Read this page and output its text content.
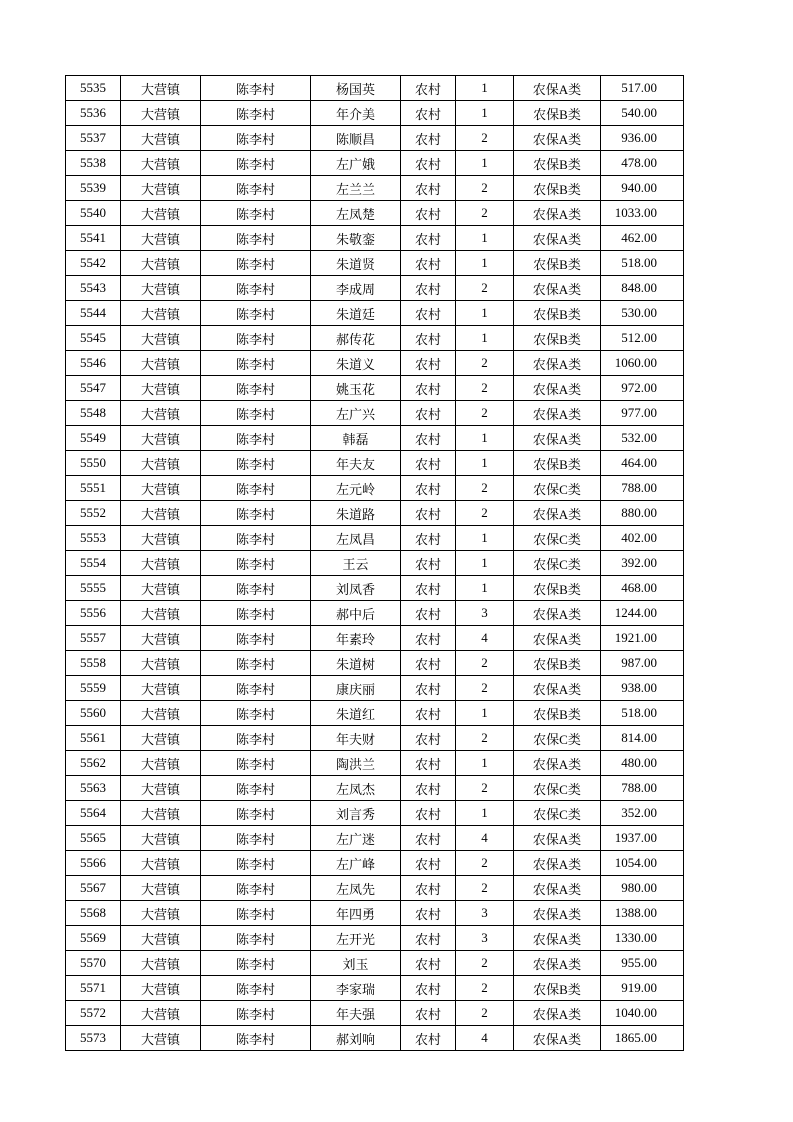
5535	大营镇	陈李村	杨国英	农村	1	农保A类	517.00
5536	大营镇	陈李村	年介美	农村	1	农保B类	540.00
5537	大营镇	陈李村	陈顺昌	农村	2	农保A类	936.00
5538	大营镇	陈李村	左广娥	农村	1	农保B类	478.00
5539	大营镇	陈李村	左兰兰	农村	2	农保B类	940.00
5540	大营镇	陈李村	左凤楚	农村	2	农保A类	1033.00
5541	大营镇	陈李村	朱敬銮	农村	1	农保A类	462.00
5542	大营镇	陈李村	朱道贤	农村	1	农保B类	518.00
5543	大营镇	陈李村	李成周	农村	2	农保A类	848.00
5544	大营镇	陈李村	朱道廷	农村	1	农保B类	530.00
5545	大营镇	陈李村	郝传花	农村	1	农保B类	512.00
5546	大营镇	陈李村	朱道义	农村	2	农保A类	1060.00
5547	大营镇	陈李村	姚玉花	农村	2	农保A类	972.00
5548	大营镇	陈李村	左广兴	农村	2	农保A类	977.00
5549	大营镇	陈李村	韩磊	农村	1	农保A类	532.00
5550	大营镇	陈李村	年夫友	农村	1	农保B类	464.00
5551	大营镇	陈李村	左元岭	农村	2	农保C类	788.00
5552	大营镇	陈李村	朱道路	农村	2	农保A类	880.00
5553	大营镇	陈李村	左凤昌	农村	1	农保C类	402.00
5554	大营镇	陈李村	王云	农村	1	农保C类	392.00
5555	大营镇	陈李村	刘凤香	农村	1	农保B类	468.00
5556	大营镇	陈李村	郝中后	农村	3	农保A类	1244.00
5557	大营镇	陈李村	年素玲	农村	4	农保A类	1921.00
5558	大营镇	陈李村	朱道树	农村	2	农保B类	987.00
5559	大营镇	陈李村	康庆丽	农村	2	农保A类	938.00
5560	大营镇	陈李村	朱道红	农村	1	农保B类	518.00
5561	大营镇	陈李村	年夫财	农村	2	农保C类	814.00
5562	大营镇	陈李村	陶洪兰	农村	1	农保A类	480.00
5563	大营镇	陈李村	左凤杰	农村	2	农保C类	788.00
5564	大营镇	陈李村	刘言秀	农村	1	农保C类	352.00
5565	大营镇	陈李村	左广迷	农村	4	农保A类	1937.00
5566	大营镇	陈李村	左广峰	农村	2	农保A类	1054.00
5567	大营镇	陈李村	左凤先	农村	2	农保A类	980.00
5568	大营镇	陈李村	年四勇	农村	3	农保A类	1388.00
5569	大营镇	陈李村	左开光	农村	3	农保A类	1330.00
5570	大营镇	陈李村	刘玉	农村	2	农保A类	955.00
5571	大营镇	陈李村	李家瑞	农村	2	农保B类	919.00
5572	大营镇	陈李村	年夫强	农村	2	农保A类	1040.00
5573	大营镇	陈李村	郝刘响	农村	4	农保A类	1865.00
